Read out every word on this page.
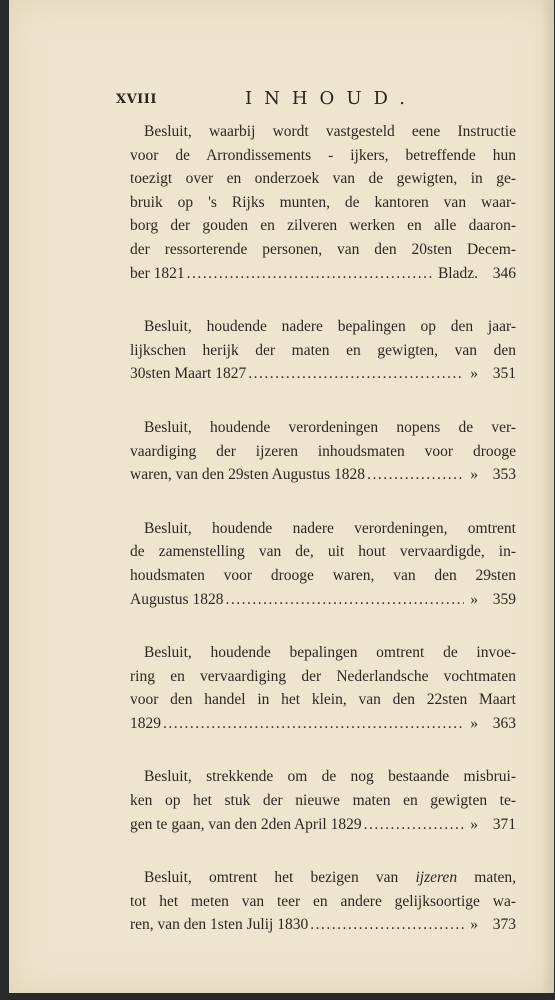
XVIII	INHOUD.
Besluit, waarbij wordt vastgesteld eene Instructie
voor de Arrondissements - ijkers, betreffende hun
toezigt over en onderzoek van de gewigten, in ge-
bruik op 's Rijks munten, de kantoren van waar-
borg der gouden en zilveren werken en alle daaron-
der ressorterende personen, van den 20sten Decem-
ber 1821 .....	Bladz. 346
Besluit, houdende nadere bepalingen op den jaar-
lijkschen herijk der maten en gewigten, van den
30sten Maart 1827 .....	» 351
Besluit, houdende verordeningen nopens de ver-
vaardiging der ijzeren inhoudsmaten voor drooge
waren, van den 29sten Augustus 1828 .....	» 353
Besluit, houdende nadere verordeningen, omtrent
de zamenstelling van de, uit hout vervaardigde, in-
houdsmaten voor drooge waren, van den 29sten
Augustus 1828 .....	» 359
Besluit, houdende bepalingen omtrent de invoe-
ring en vervaardiging der Nederlandsche vochtmaten
voor den handel in het klein, van den 22sten Maart
1829 .....	» 363
Besluit, strekkende om de nog bestaande misbrui-
ken op het stuk der nieuwe maten en gewigten te-
gen te gaan, van den 2den April 1829 .....	» 371
Besluit, omtrent het bezigen van ijzeren maten,
tot het meten van teer en andere gelijksoortige wa-
ren, van den 1sten Julij 1830 .....	» 373
